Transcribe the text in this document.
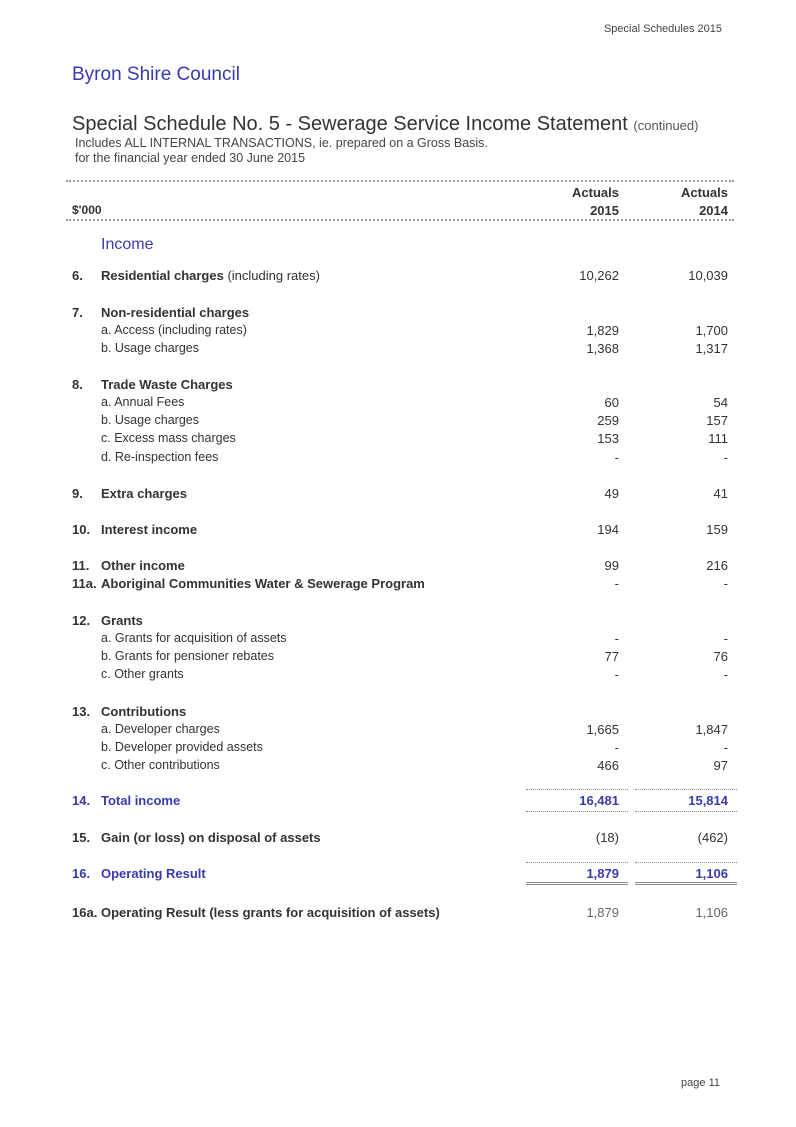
Special Schedules 2015
Byron Shire Council
Special Schedule No. 5 - Sewerage Service Income Statement (continued)
Includes ALL INTERNAL TRANSACTIONS, ie. prepared on a Gross Basis.
for the financial year ended 30 June 2015
$'000
Actuals
2015
Actuals
2014
Income
6. Residential charges (including rates)	10,262	10,039
7. Non-residential charges
a. Access (including rates)	1,829	1,700
b. Usage charges	1,368	1,317
8. Trade Waste Charges
a. Annual Fees	60	54
b. Usage charges	259	157
c. Excess mass charges	153	111
d. Re-inspection fees	-	-
9. Extra charges	49	41
10. Interest income	194	159
11. Other income	99	216
11a. Aboriginal Communities Water & Sewerage Program	-	-
12. Grants
a. Grants for acquisition of assets	-	-
b. Grants for pensioner rebates	77	76
c. Other grants	-	-
13. Contributions
a. Developer charges	1,665	1,847
b. Developer provided assets	-	-
c. Other contributions	466	97
14. Total income	16,481	15,814
15. Gain (or loss) on disposal of assets	(18)	(462)
16. Operating Result	1,879	1,106
16a. Operating Result (less grants for acquisition of assets)	1,879	1,106
page 11
